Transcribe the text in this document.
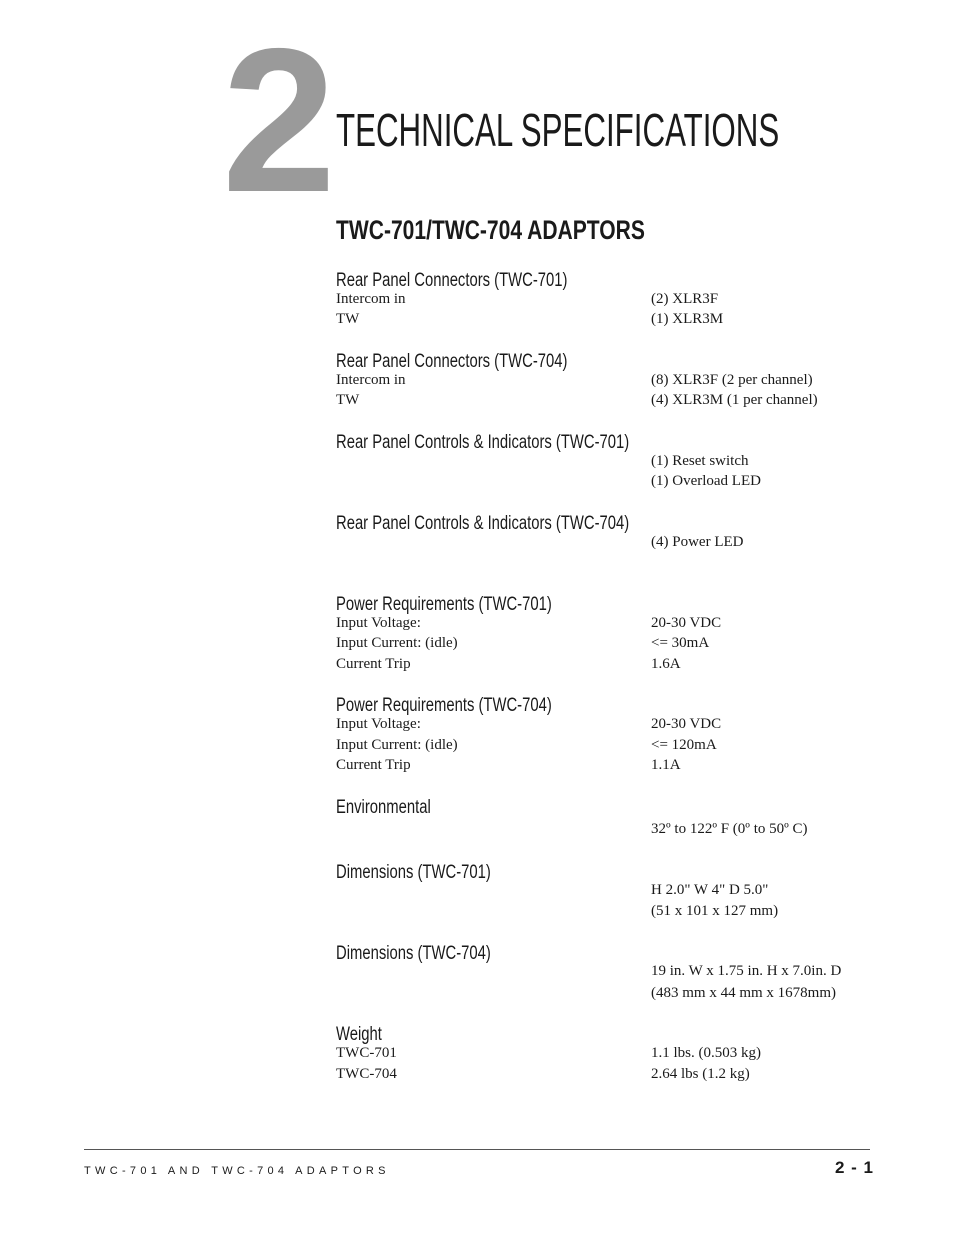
2 TECHNICAL SPECIFICATIONS
TWC-701/TWC-704 ADAPTORS
Rear Panel Connectors (TWC-701)
Intercom in	(2) XLR3F
TW	(1) XLR3M
Rear Panel Connectors (TWC-704)
Intercom in	(8) XLR3F (2 per channel)
TW	(4) XLR3M (1 per channel)
Rear Panel Controls & Indicators (TWC-701)
(1) Reset switch
(1) Overload LED
Rear Panel Controls & Indicators (TWC-704)
(4) Power LED
Power Requirements (TWC-701)
Input Voltage:	20-30 VDC
Input Current: (idle)	<= 30mA
Current Trip	1.6A
Power Requirements (TWC-704)
Input Voltage:	20-30 VDC
Input Current: (idle)	<= 120mA
Current Trip	1.1A
Environmental
32º to 122º F (0º to 50º C)
Dimensions (TWC-701)
H 2.0" W 4" D 5.0"
(51 x 101 x 127 mm)
Dimensions (TWC-704)
19 in. W x 1.75 in. H x 7.0in. D
(483 mm x 44 mm x 1678mm)
Weight
TWC-701	1.1 lbs. (0.503 kg)
TWC-704	2.64 lbs (1.2 kg)
TWC-701 AND TWC-704 ADAPTORS	2 - 1
